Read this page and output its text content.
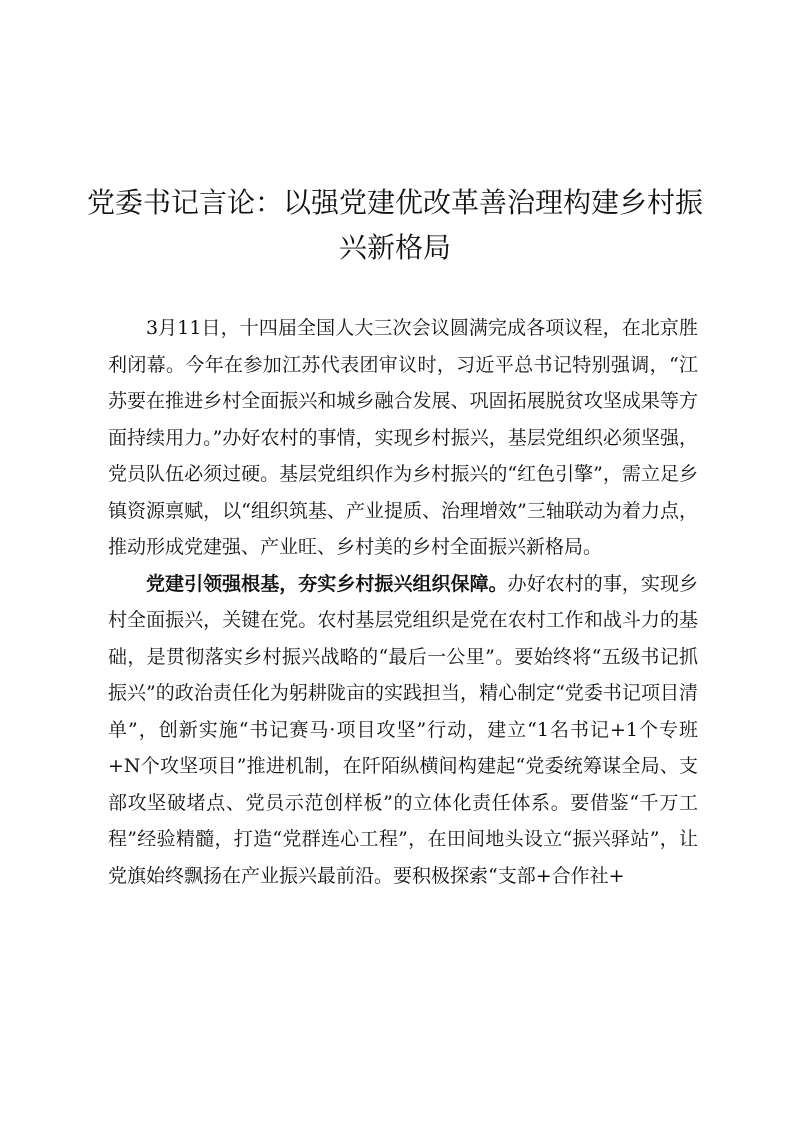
党委书记言论：以强党建优改革善治理构建乡村振兴新格局

3月11日，十四届全国人大三次会议圆满完成各项议程，在北京胜利闭幕。今年在参加江苏代表团审议时，习近平总书记特别强调，“江苏要在推进乡村全面振兴和城乡融合发展、巩固拓展脱贫攻坚成果等方面持续用力。”办好农村的事情，实现乡村振兴，基层党组织必须坚强，党员队伍必须过硬。基层党组织作为乡村振兴的“红色引擎”，需立足乡镇资源禀赋，以“组织筑基、产业提质、治理增效”三轴联动为着力点，推动形成党建强、产业旺、乡村美的乡村全面振兴新格局。

党建引领强根基，夯实乡村振兴组织保障。办好农村的事，实现乡村全面振兴，关键在党。农村基层党组织是党在农村工作和战斗力的基础，是贯彻落实乡村振兴战略的“最后一公里”。要始终将“五级书记抓振兴”的政治责任化为躬耕陇亩的实践担当，精心制定“党委书记项目清单”，创新实施“书记赛马·项目攻坚”行动，建立“1名书记+1个专班+N个攻坚项目”推进机制，在阡陌纵横间构建起“党委统筹谋全局、支部攻坚破堵点、党员示范创样板”的立体化责任体系。要借鉴“千万工程”经验精髓，打造“党群连心工程”，在田间地头设立“振兴驿站”，让党旗始终飘扬在产业振兴最前沿。要积极探索“支部+合作社+
